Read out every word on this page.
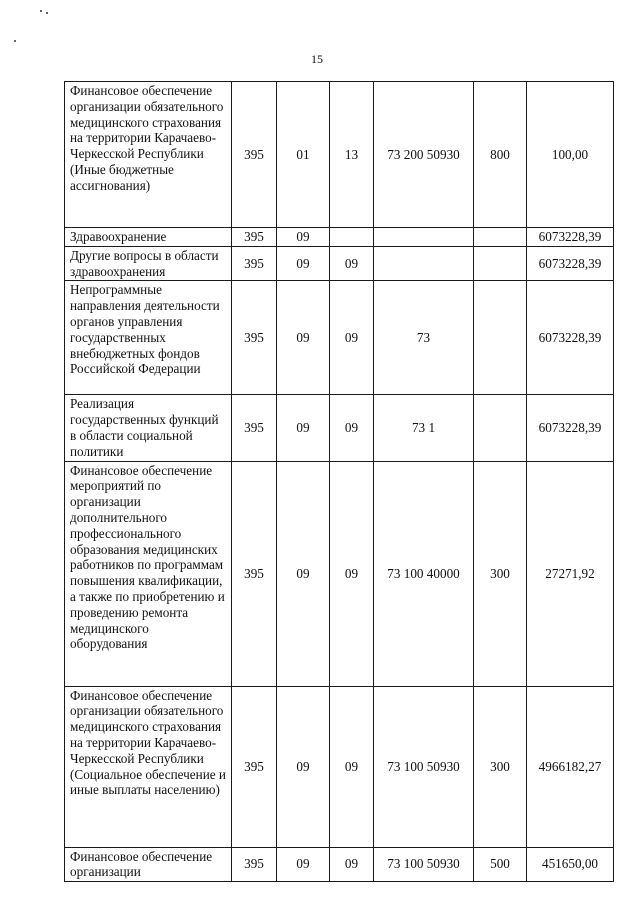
15
Финансовое обеспечение организации обязательного медицинского страхования на территории Карачаево-Черкесской Республики (Иные бюджетные ассигнования)	395	01	13	73 200 50930	800	100,00
Здравоохранение	395	09				6073228,39
Другие вопросы в области здравоохранения	395	09	09			6073228,39
Непрограммные направления деятельности органов управления государственных внебюджетных фондов Российской Федерации	395	09	09	73		6073228,39
Реализация государственных функций в области социальной политики	395	09	09	73 1		6073228,39
Финансовое обеспечение мероприятий по организации дополнительного профессионального образования медицинских работников по программам повышения квалификации, а также по приобретению и проведению ремонта медицинского оборудования	395	09	09	73 100 40000	300	27271,92
Финансовое обеспечение организации обязательного медицинского страхования на территории Карачаево-Черкесской Республики (Социальное обеспечение и иные выплаты населению)	395	09	09	73 100 50930	300	4966182,27
Финансовое обеспечение организации	395	09	09	73 100 50930	500	451650,00
